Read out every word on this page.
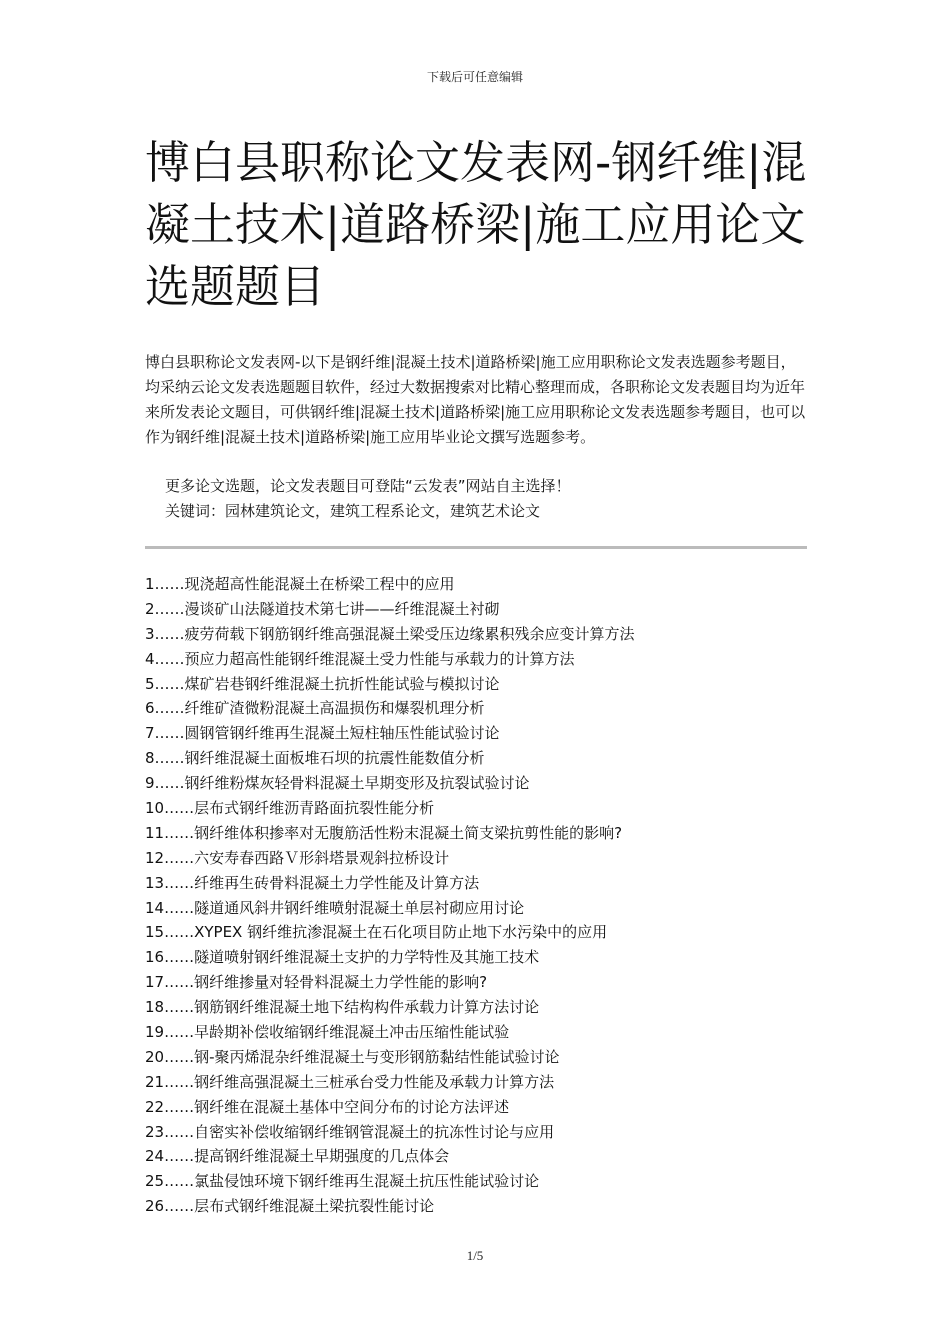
下载后可任意编辑
博白县职称论文发表网-钢纤维|混凝土技术|道路桥梁|施工应用论文选题题目

博白县职称论文发表网-以下是钢纤维|混凝土技术|道路桥梁|施工应用职称论文发表选题参考题目，均采纳云论文发表选题题目软件，经过大数据搜索对比精心整理而成，各职称论文发表题目均为近年来所发表论文题目，可供钢纤维|混凝土技术|道路桥梁|施工应用职称论文发表选题参考题目，也可以作为钢纤维|混凝土技术|道路桥梁|施工应用毕业论文撰写选题参考。

更多论文选题，论文发表题目可登陆“云发表”网站自主选择！

关键词：园林建筑论文，建筑工程系论文，建筑艺术论文

1……现浇超高性能混凝土在桥梁工程中的应用
2……漫谈矿山法隧道技术第七讲——纤维混凝土衬砌
3……疲劳荷载下钢筋钢纤维高强混凝土梁受压边缘累积残余应变计算方法
4……预应力超高性能钢纤维混凝土受力性能与承载力的计算方法
5……煤矿岩巷钢纤维混凝土抗折性能试验与模拟讨论
6……纤维矿渣微粉混凝土高温损伤和爆裂机理分析
7……圆钢管钢纤维再生混凝土短柱轴压性能试验讨论
8……钢纤维混凝土面板堆石坝的抗震性能数值分析
9……钢纤维粉煤灰轻骨料混凝土早期变形及抗裂试验讨论
10……层布式钢纤维沥青路面抗裂性能分析
11……钢纤维体积掺率对无腹筋活性粉末混凝土简支梁抗剪性能的影响?
12……六安寿春西路Ｖ形斜塔景观斜拉桥设计
13……纤维再生砖骨料混凝土力学性能及计算方法
14……隧道通风斜井钢纤维喷射混凝土单层衬砌应用讨论
15……XYPEX 钢纤维抗渗混凝土在石化项目防止地下水污染中的应用
16……隧道喷射钢纤维混凝土支护的力学特性及其施工技术
17……钢纤维掺量对轻骨料混凝土力学性能的影响?
18……钢筋钢纤维混凝土地下结构构件承载力计算方法讨论
19……早龄期补偿收缩钢纤维混凝土冲击压缩性能试验
20……钢-聚丙烯混杂纤维混凝土与变形钢筋黏结性能试验讨论
21……钢纤维高强混凝土三桩承台受力性能及承载力计算方法
22……钢纤维在混凝土基体中空间分布的讨论方法评述
23……自密实补偿收缩钢纤维钢管混凝土的抗冻性讨论与应用
24……提高钢纤维混凝土早期强度的几点体会
25……氯盐侵蚀环境下钢纤维再生混凝土抗压性能试验讨论
26……层布式钢纤维混凝土梁抗裂性能讨论
1/5
